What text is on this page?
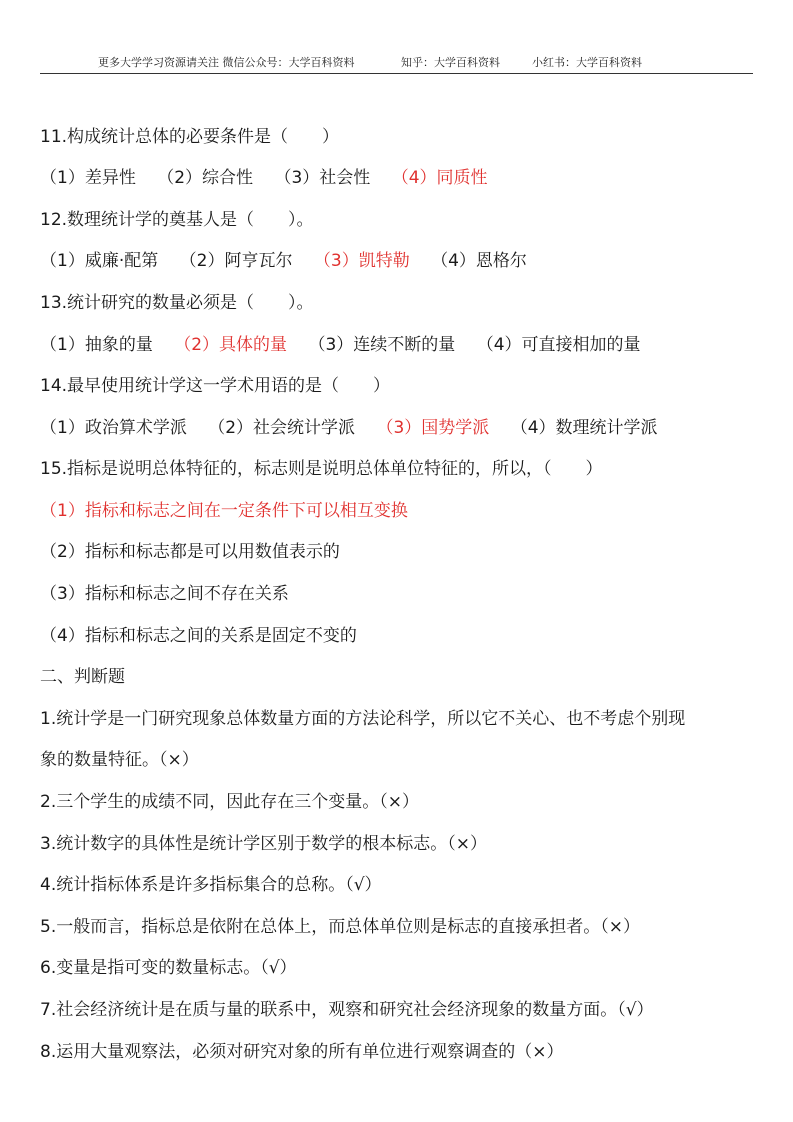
更多大学学习资源请关注 微信公众号：大学百科资料	知乎：大学百科资料	小红书：大学百科资料
11.构成统计总体的必要条件是（　　）
（1）差异性 （2）综合性 （3）社会性 （4）同质性
12.数理统计学的奠基人是（　　）。
（1）威廉·配第 （2）阿亨瓦尔 （3）凯特勒 （4）恩格尔
13.统计研究的数量必须是（　　）。
（1）抽象的量 （2）具体的量 （3）连续不断的量 （4）可直接相加的量
14.最早使用统计学这一学术用语的是（　　）
（1）政治算术学派 （2）社会统计学派 （3）国势学派 （4）数理统计学派
15.指标是说明总体特征的，标志则是说明总体单位特征的，所以，（　　）
（1）指标和标志之间在一定条件下可以相互变换
（2）指标和标志都是可以用数值表示的
（3）指标和标志之间不存在关系
（4）指标和标志之间的关系是固定不变的
二、判断题
1.统计学是一门研究现象总体数量方面的方法论科学，所以它不关心、也不考虑个别现
象的数量特征。（×）
2.三个学生的成绩不同，因此存在三个变量。（×）
3.统计数字的具体性是统计学区别于数学的根本标志。（×）
4.统计指标体系是许多指标集合的总称。（√）
5.一般而言，指标总是依附在总体上，而总体单位则是标志的直接承担者。（×）
6.变量是指可变的数量标志。（√）
7.社会经济统计是在质与量的联系中，观察和研究社会经济现象的数量方面。（√）
8.运用大量观察法，必须对研究对象的所有单位进行观察调查的（×）
